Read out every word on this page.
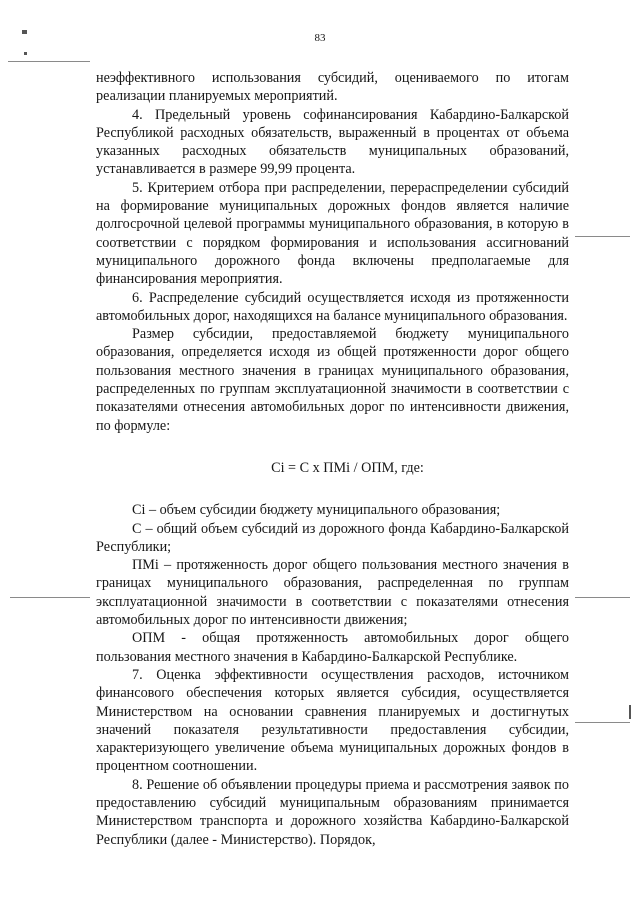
83

неэффективного использования субсидий, оцениваемого по итогам реализации планируемых мероприятий.

4. Предельный уровень софинансирования Кабардино-Балкарской Республикой расходных обязательств, выраженный в процентах от объема указанных расходных обязательств муниципальных образований, устанавливается в размере 99,99 процента.

5. Критерием отбора при распределении, перераспределении субсидий на формирование муниципальных дорожных фондов является наличие долгосрочной целевой программы муниципального образования, в которую в соответствии с порядком формирования и использования ассигнований муниципального дорожного фонда включены предполагаемые для финансирования мероприятия.

6. Распределение субсидий осуществляется исходя из протяженности автомобильных дорог, находящихся на балансе муниципального образования.

Размер субсидии, предоставляемой бюджету муниципального образования, определяется исходя из общей протяженности дорог общего пользования местного значения в границах муниципального образования, распределенных по группам эксплуатационной значимости в соответствии с показателями отнесения автомобильных дорог по интенсивности движения, по формуле:

Ci = C x ПМi / ОПМ, где:

Ci – объем субсидии бюджету муниципального образования;

С – общий объем субсидий из дорожного фонда Кабардино-Балкарской Республики;

ПМi – протяженность дорог общего пользования местного значения в границах муниципального образования, распределенная по группам эксплуатационной значимости в соответствии с показателями отнесения автомобильных дорог по интенсивности движения;

ОПМ - общая протяженность автомобильных дорог общего пользования местного значения в Кабардино-Балкарской Республике.

7. Оценка эффективности осуществления расходов, источником финансового обеспечения которых является субсидия, осуществляется Министерством на основании сравнения планируемых и достигнутых значений показателя результативности предоставления субсидии, характеризующего увеличение объема муниципальных дорожных фондов в процентном соотношении.

8. Решение об объявлении процедуры приема и рассмотрения заявок по предоставлению субсидий муниципальным образованиям принимается Министерством транспорта и дорожного хозяйства Кабардино-Балкарской Республики (далее - Министерство). Порядок,
